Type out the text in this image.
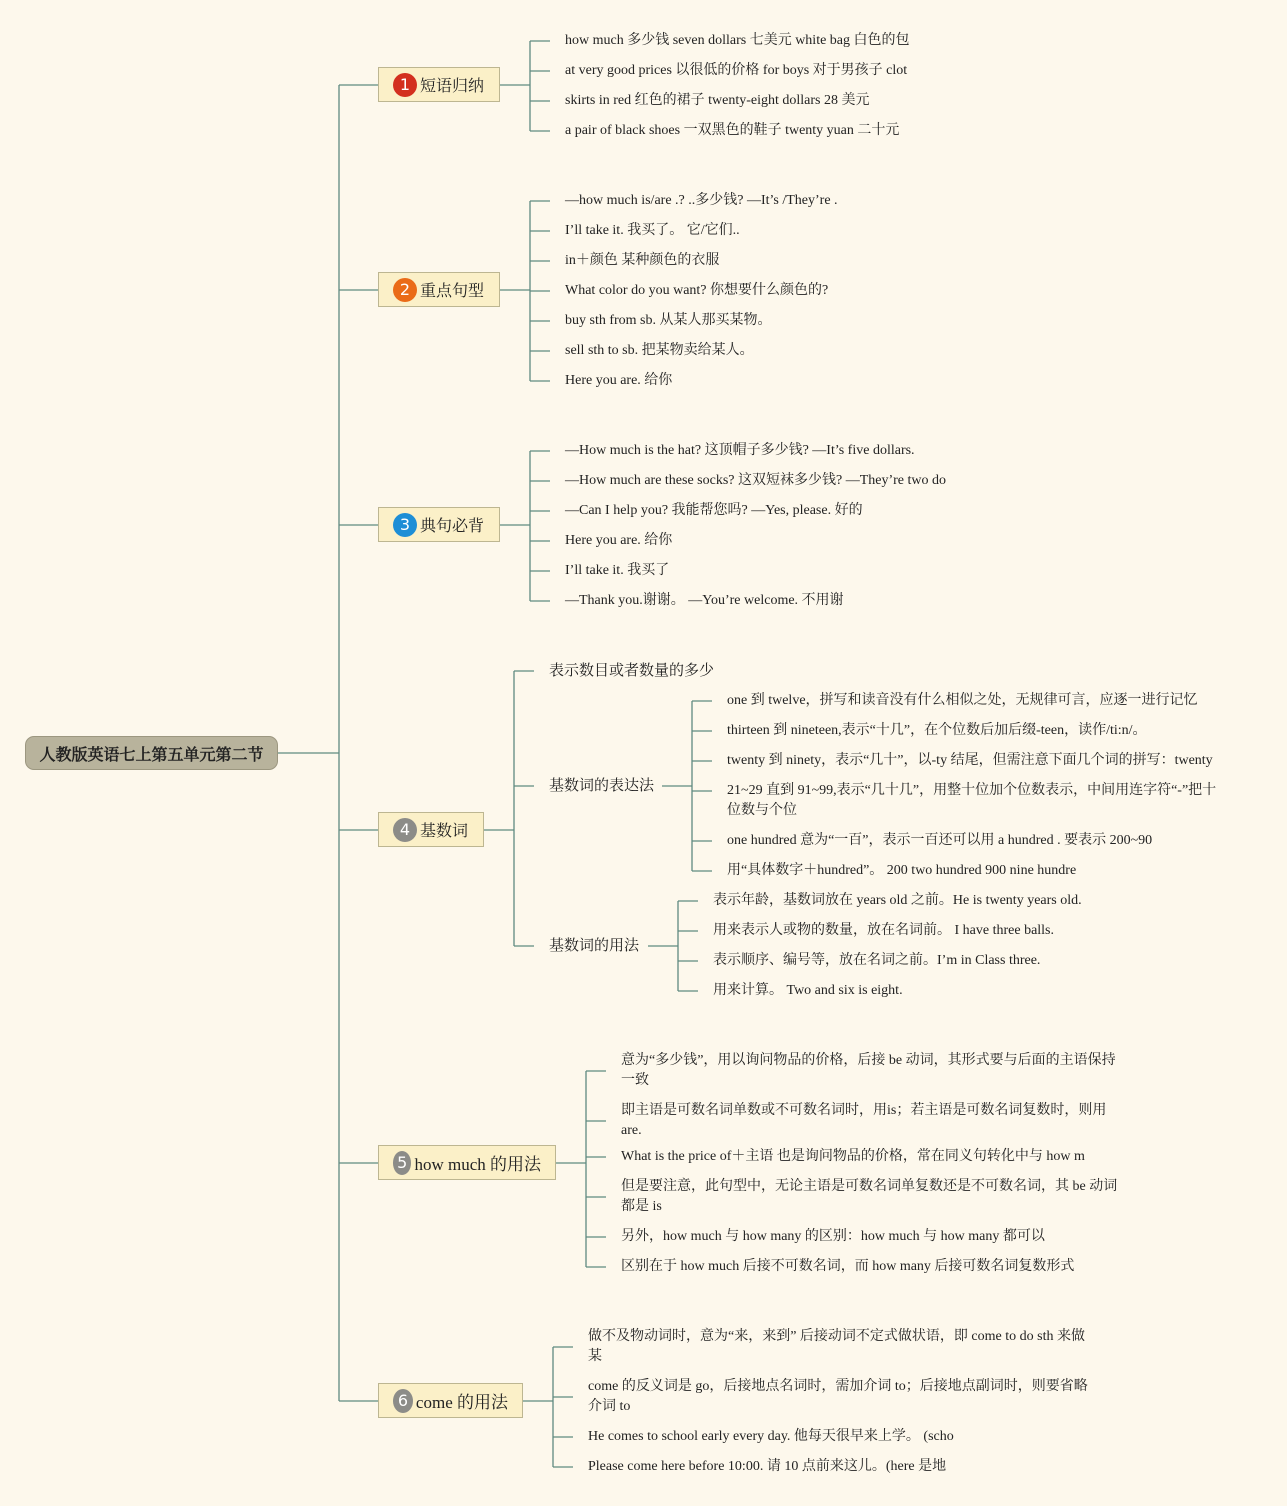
人教版英语七上第五单元第二节
1 短语归纳
how much 多少钱 seven dollars 七美元 white bag 白色的包
at very good prices 以很低的价格 for boys 对于男孩子 clot
skirts in red 红色的裙子 twenty-eight dollars 28 美元
a pair of black shoes 一双黑色的鞋子 twenty yuan 二十元
2 重点句型
—how much is/are .? ..多少钱? —It’s /They’re .
I’ll take it. 我买了。 它/它们..
in＋颜色 某种颜色的衣服
What color do you want? 你想要什么颜色的?
buy sth from sb. 从某人那买某物。
sell sth to sb. 把某物卖给某人。
Here you are. 给你
3 典句必背
—How much is the hat? 这顶帽子多少钱? —It’s five dollars.
—How much are these socks? 这双短袜多少钱? —They’re two do
—Can I help you? 我能帮您吗? —Yes, please. 好的
Here you are. 给你
I’ll take it. 我买了
—Thank you.谢谢。 —You’re welcome. 不用谢
4 基数词
表示数目或者数量的多少
基数词的表达法
基数词的用法
one 到 twelve，拼写和读音没有什么相似之处，无规律可言，应逐一进行记忆
thirteen 到 nineteen,表示“十几”，在个位数后加后缀-teen，读作/ti:n/。
twenty 到 ninety，表示“几十”，以-ty 结尾，但需注意下面几个词的拼写：twenty
21~29 直到 91~99,表示“几十几”，用整十位加个位数表示，中间用连字符“-”把十位数与个位
one hundred 意为“一百”，表示一百还可以用 a hundred . 要表示 200~90
用“具体数字＋hundred”。 200 two hundred 900 nine hundre
表示年龄，基数词放在 years old 之前。He is twenty years old.
用来表示人或物的数量，放在名词前。 I have three balls.
表示顺序、编号等，放在名词之前。I’m in Class three.
用来计算。 Two and six is eight.
5 how much 的用法
意为“多少钱”，用以询问物品的价格，后接 be 动词，其形式要与后面的主语保持一致
即主语是可数名词单数或不可数名词时，用is；若主语是可数名词复数时，则用 are.
What is the price of＋主语 也是询问物品的价格，常在同义句转化中与 how m
但是要注意，此句型中，无论主语是可数名词单复数还是不可数名词，其 be 动词都是 is
另外，how much 与 how many 的区别：how much 与 how many 都可以
区别在于 how much 后接不可数名词，而 how many 后接可数名词复数形式
6 come 的用法
做不及物动词时，意为“来，来到” 后接动词不定式做状语，即 come to do sth 来做某
come 的反义词是 go，后接地点名词时，需加介词 to；后接地点副词时，则要省略介词 to
He comes to school early every day. 他每天很早来上学。 (scho
Please come here before 10:00. 请 10 点前来这儿。(here 是地
